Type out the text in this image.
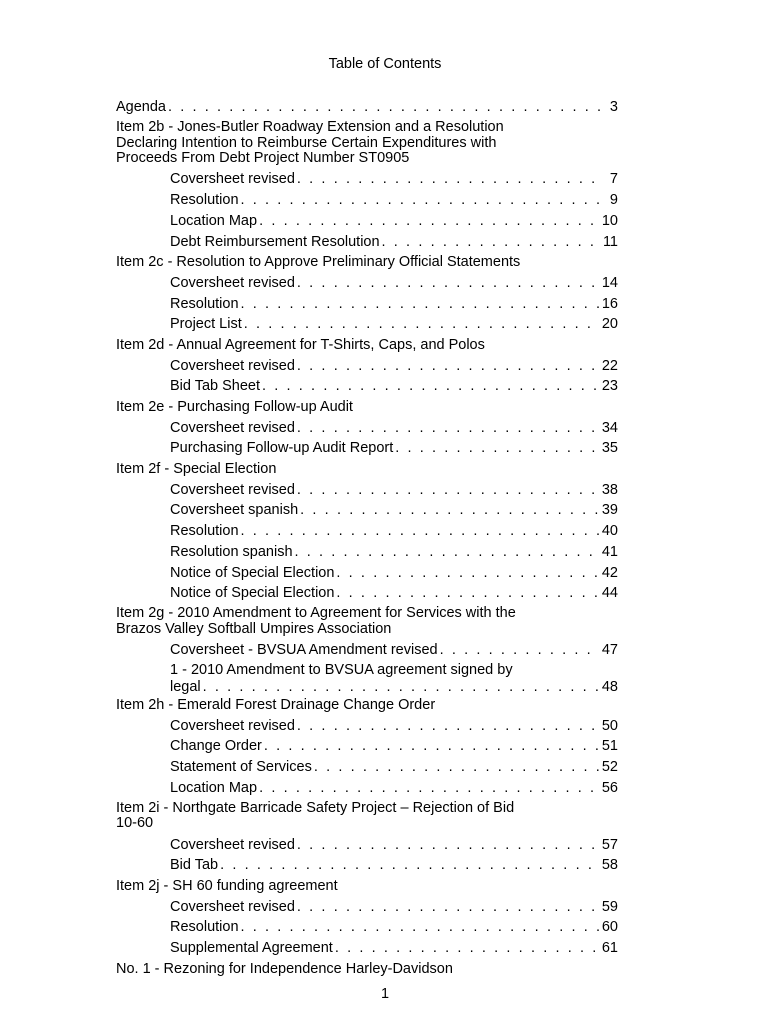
Table of Contents
Agenda . . .	3
Item 2b - Jones-Butler Roadway Extension and a Resolution Declaring Intention to Reimburse Certain Expenditures with Proceeds From Debt Project Number ST0905
Coversheet revised . . .	7
Resolution . . .	9
Location Map . . .	10
Debt Reimbursement Resolution . . .	11
Item 2c - Resolution to Approve Preliminary Official Statements
Coversheet revised . . .	14
Resolution . . .	16
Project List . . .	20
Item 2d - Annual Agreement for T-Shirts, Caps, and Polos
Coversheet revised . . .	22
Bid Tab Sheet . . .	23
Item 2e - Purchasing Follow-up Audit
Coversheet revised . . .	34
Purchasing Follow-up Audit Report . . .	35
Item 2f - Special Election
Coversheet revised . . .	38
Coversheet spanish . . .	39
Resolution . . .	40
Resolution spanish . . .	41
Notice of Special Election . . .	42
Notice of Special Election . . .	44
Item 2g - 2010 Amendment to Agreement for Services with the Brazos Valley Softball Umpires Association
Coversheet - BVSUA Amendment revised . . .	47
1 - 2010 Amendment to BVSUA agreement signed by
legal . . .	48
Item 2h - Emerald Forest Drainage Change Order
Coversheet revised . . .	50
Change Order . . .	51
Statement of Services . . .	52
Location Map . . .	56
Item 2i - Northgate Barricade Safety Project – Rejection of Bid 10-60
Coversheet revised . . .	57
Bid Tab . . .	58
Item 2j - SH 60 funding agreement
Coversheet revised . . .	59
Resolution . . .	60
Supplemental Agreement . . .	61
No. 1 - Rezoning for Independence Harley-Davidson
1
